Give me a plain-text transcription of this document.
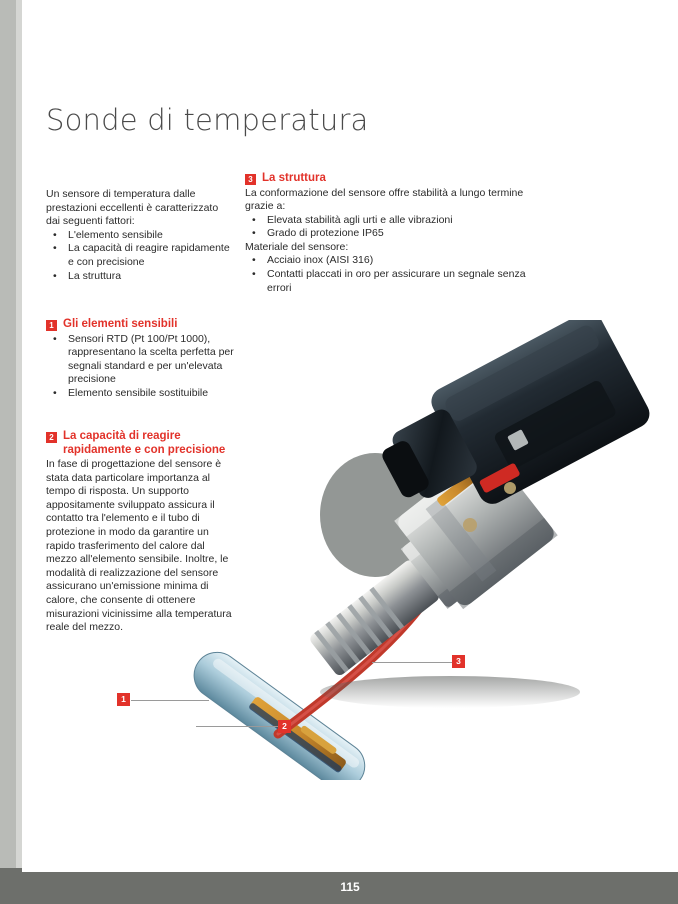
Sonde di temperatura
Un sensore di temperatura dalle prestazioni eccellenti è caratterizzato dai seguenti fattori:
• L'elemento sensibile
• La capacità di reagire rapidamente e con precisione
• La struttura
1 Gli elementi sensibili
• Sensori RTD (Pt 100/Pt 1000), rappresentano la scelta perfetta per segnali standard e per un'elevata precisione
• Elemento sensibile sostituibile
2 La capacità di reagire rapidamente e con precisione
In fase di progettazione del sensore è stata data particolare importanza al tempo di risposta. Un supporto appositamente sviluppato assicura il contatto tra l'elemento e il tubo di protezione in modo da garantire un rapido trasferimento del calore dal mezzo all'elemento sensibile. Inoltre, le modalità di realizzazione del sensore assicurano un'emissione minima di calore, che consente di ottenere misurazioni vicinissime alla temperatura reale del mezzo.
3 La struttura
La conformazione del sensore offre stabilità a lungo termine grazie a:
• Elevata stabilità agli urti e alle vibrazioni
• Grado di protezione IP65
Materiale del sensore:
• Acciaio inox (AISI 316)
• Contatti placcati in oro per assicurare un segnale senza errori
3
1
2
115
